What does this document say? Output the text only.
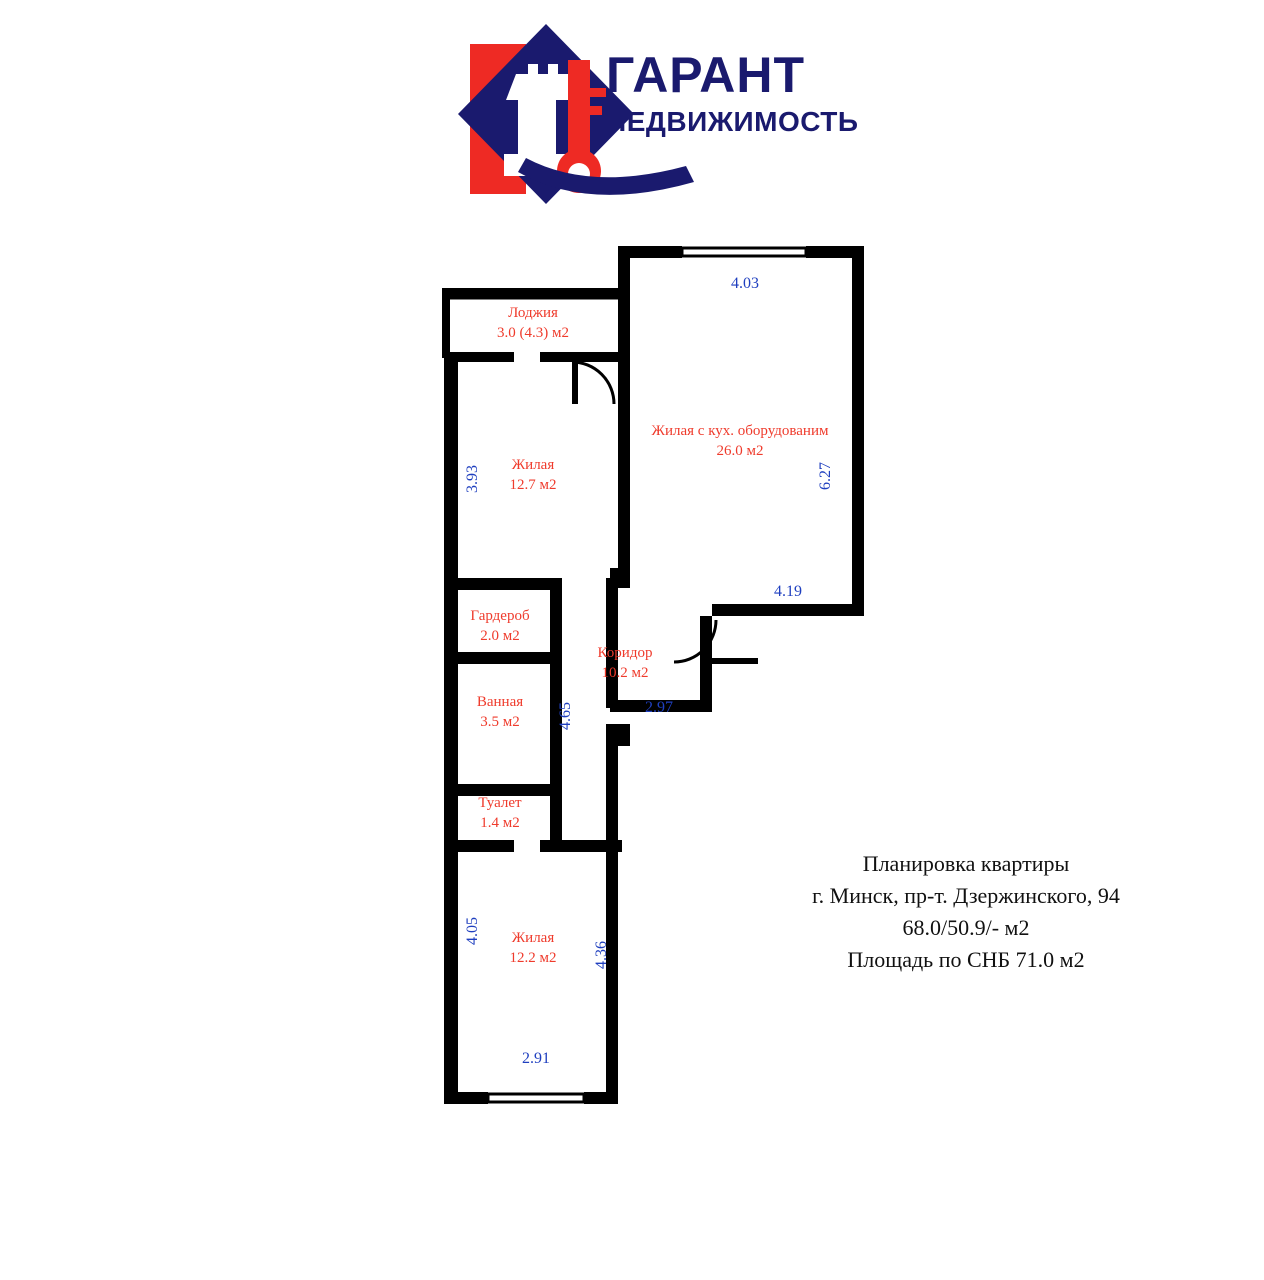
ГАРАНТ
НЕДВИЖИМОСТЬ
Лоджия
3.0 (4.3) м2
Жилая с кух. оборудованим
26.0 м2
Жилая
12.7 м2
Гардероб
2.0 м2
Коридор
10.2 м2
Ванная
3.5 м2
Туалет
1.4 м2
Жилая
12.2 м2
4.03
6.27
3.93
4.19
2.97
4.65
4.05
4.36
2.91
Планировка квартиры
г. Минск, пр-т. Дзержинского, 94
68.0/50.9/- м2
Площадь по СНБ 71.0 м2
